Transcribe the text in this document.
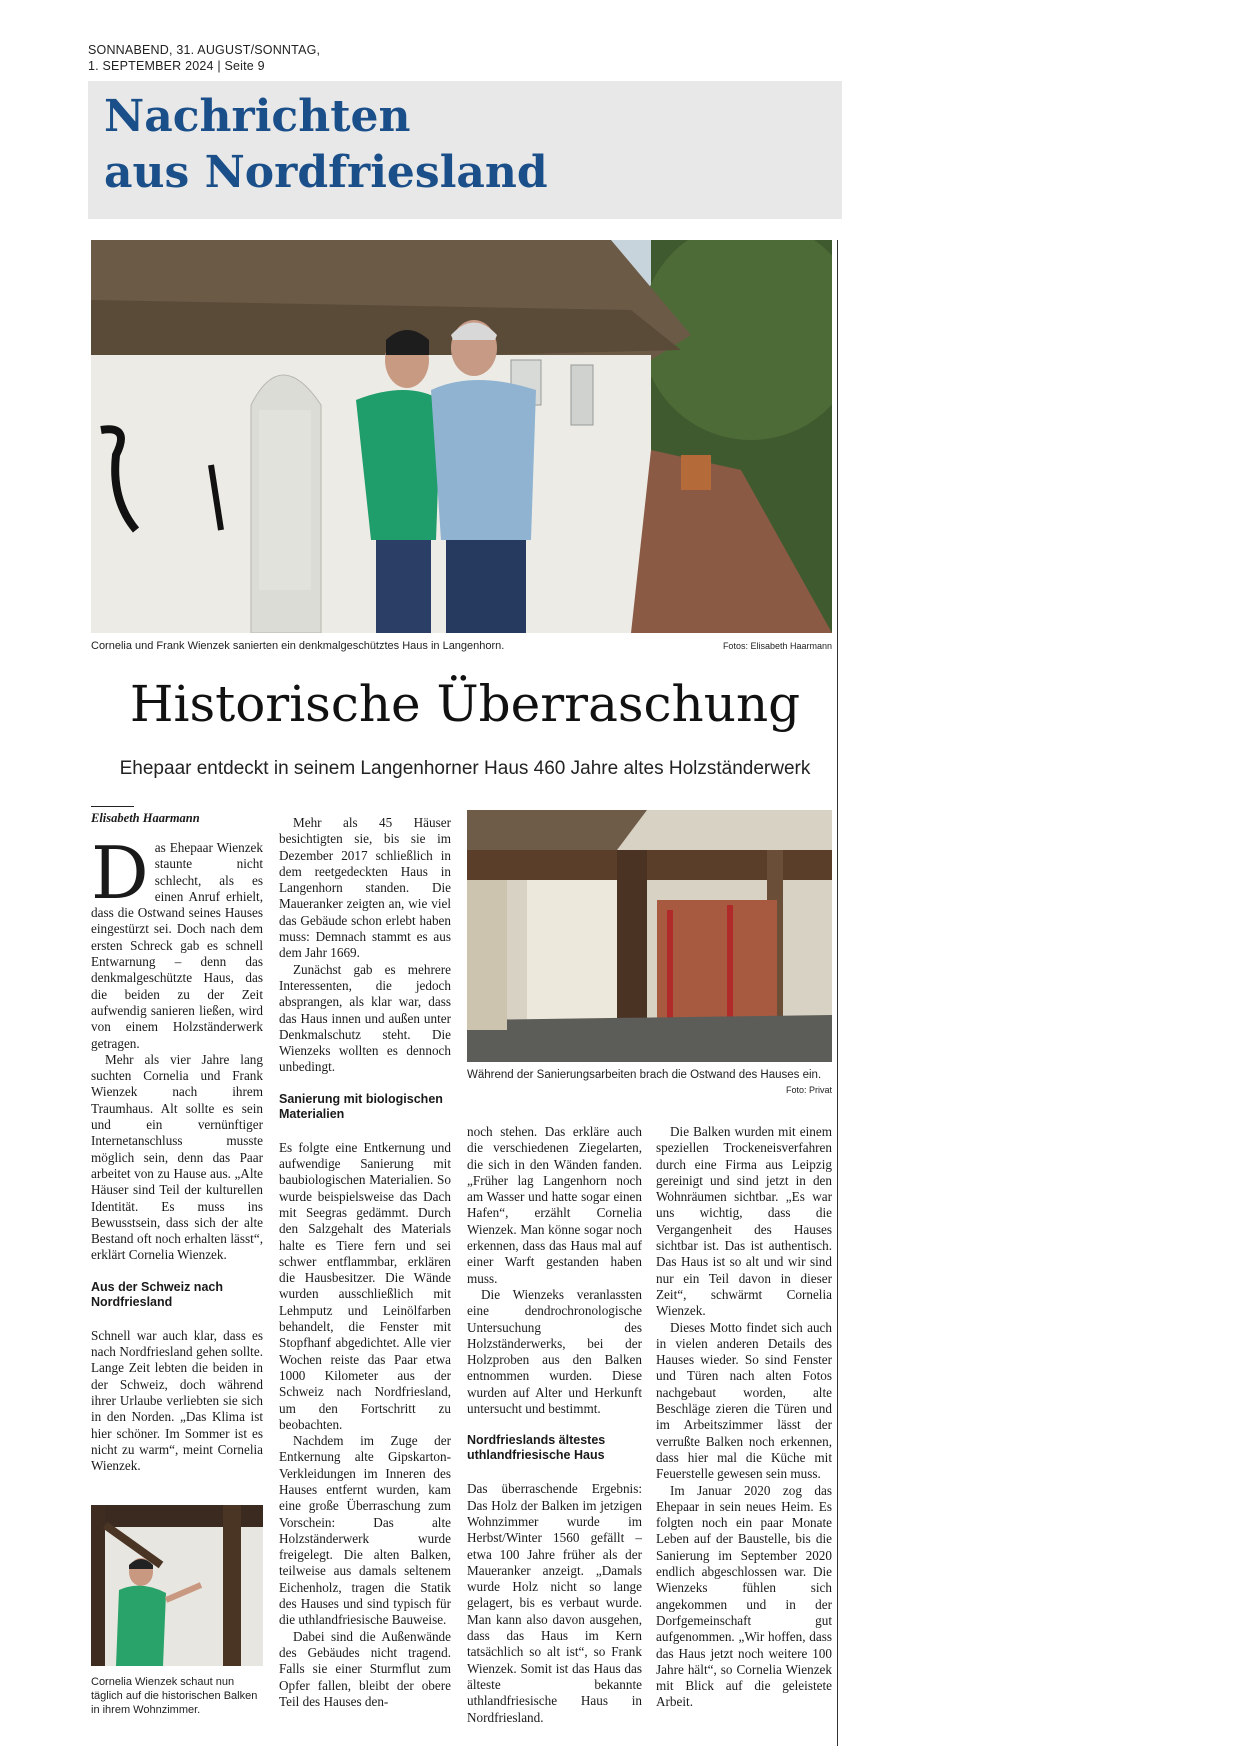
SONNABEND, 31. AUGUST/SONNTAG,
1. SEPTEMBER 2024 | Seite 9
Nachrichten
aus Nordfriesland
Cornelia und Frank Wienzek sanierten ein denkmalgeschütztes Haus in Langenhorn.	Fotos: Elisabeth Haarmann
Historische Überraschung
Ehepaar entdeckt in seinem Langenhorner Haus 460 Jahre altes Holzständerwerk
Elisabeth Haarmann

Das Ehepaar Wienzek staunte nicht schlecht, als es einen Anruf erhielt, dass die Ostwand seines Hauses eingestürzt sei. Doch nach dem ersten Schreck gab es schnell Entwarnung – denn das denkmalgeschützte Haus, das die beiden zu der Zeit aufwendig sanieren ließen, wird von einem Holzständerwerk getragen.

Mehr als vier Jahre lang suchten Cornelia und Frank Wienzek nach ihrem Traumhaus. Alt sollte es sein und ein vernünftiger Internetanschluss musste möglich sein, denn das Paar arbeitet von zu Hause aus. „Alte Häuser sind Teil der kulturellen Identität. Es muss ins Bewusstsein, dass sich der alte Bestand oft noch erhalten lässt“, erklärt Cornelia Wienzek.

Aus der Schweiz nach Nordfriesland

Schnell war auch klar, dass es nach Nordfriesland gehen sollte. Lange Zeit lebten die beiden in der Schweiz, doch während ihrer Urlaube verliebten sie sich in den Norden. „Das Klima ist hier schöner. Im Sommer ist es nicht zu warm“, meint Cornelia Wienzek.

Cornelia Wienzek schaut nun täglich auf die historischen Balken in ihrem Wohnzimmer.

Mehr als 45 Häuser besichtigten sie, bis sie im Dezember 2017 schließlich in dem reetgedeckten Haus in Langenhorn standen. Die Maueranker zeigten an, wie viel das Gebäude schon erlebt haben muss: Demnach stammt es aus dem Jahr 1669.

Zunächst gab es mehrere Interessenten, die jedoch absprangen, als klar war, dass das Haus innen und außen unter Denkmalschutz steht. Die Wienzeks wollten es dennoch unbedingt.

Sanierung mit biologischen Materialien

Es folgte eine Entkernung und aufwendige Sanierung mit baubiologischen Materialien. So wurde beispielsweise das Dach mit Seegras gedämmt. Durch den Salzgehalt des Materials halte es Tiere fern und sei schwer entflammbar, erklären die Hausbesitzer. Die Wände wurden ausschließlich mit Lehmputz und Leinölfarben behandelt, die Fenster mit Stopfhanf abgedichtet. Alle vier Wochen reiste das Paar etwa 1000 Kilometer aus der Schweiz nach Nordfriesland, um den Fortschritt zu beobachten.

Nachdem im Zuge der Entkernung alte Gipskarton-Verkleidungen im Inneren des Hauses entfernt wurden, kam eine große Überraschung zum Vorschein: Das alte Holzständerwerk wurde freigelegt. Die alten Balken, teilweise aus damals seltenem Eichenholz, tragen die Statik des Hauses und sind typisch für die uthlandfriesische Bauweise.

Dabei sind die Außenwände des Gebäudes nicht tragend. Falls sie einer Sturmflut zum Opfer fallen, bleibt der obere Teil des Hauses den-

Während der Sanierungsarbeiten brach die Ostwand des Hauses ein.
Foto: Privat

noch stehen. Das erkläre auch die verschiedenen Ziegelarten, die sich in den Wänden fanden. „Früher lag Langenhorn noch am Wasser und hatte sogar einen Hafen“, erzählt Cornelia Wienzek. Man könne sogar noch erkennen, dass das Haus mal auf einer Warft gestanden haben muss.

Die Wienzeks veranlassten eine dendrochronologische Untersuchung des Holzständerwerks, bei der Holzproben aus den Balken entnommen wurden. Diese wurden auf Alter und Herkunft untersucht und bestimmt.

Nordfrieslands ältestes uthlandfriesische Haus

Das überraschende Ergebnis: Das Holz der Balken im jetzigen Wohnzimmer wurde im Herbst/Winter 1560 gefällt – etwa 100 Jahre früher als der Maueranker anzeigt. „Damals wurde Holz nicht so lange gelagert, bis es verbaut wurde. Man kann also davon ausgehen, dass das Haus im Kern tatsächlich so alt ist“, so Frank Wienzek. Somit ist das Haus das älteste bekannte uthlandfriesische Haus in Nordfriesland.

Die Balken wurden mit einem speziellen Trockeneisverfahren durch eine Firma aus Leipzig gereinigt und sind jetzt in den Wohnräumen sichtbar. „Es war uns wichtig, dass die Vergangenheit des Hauses sichtbar ist. Das ist authentisch. Das Haus ist so alt und wir sind nur ein Teil davon in dieser Zeit“, schwärmt Cornelia Wienzek.

Dieses Motto findet sich auch in vielen anderen Details des Hauses wieder. So sind Fenster und Türen nach alten Fotos nachgebaut worden, alte Beschläge zieren die Türen und im Arbeitszimmer lässt der verrußte Balken noch erkennen, dass hier mal die Küche mit Feuerstelle gewesen sein muss.

Im Januar 2020 zog das Ehepaar in sein neues Heim. Es folgten noch ein paar Monate Leben auf der Baustelle, bis die Sanierung im September 2020 endlich abgeschlossen war. Die Wienzeks fühlen sich angekommen und in der Dorfgemeinschaft gut aufgenommen. „Wir hoffen, dass das Haus jetzt noch weitere 100 Jahre hält“, so Cornelia Wienzek mit Blick auf die geleistete Arbeit.
